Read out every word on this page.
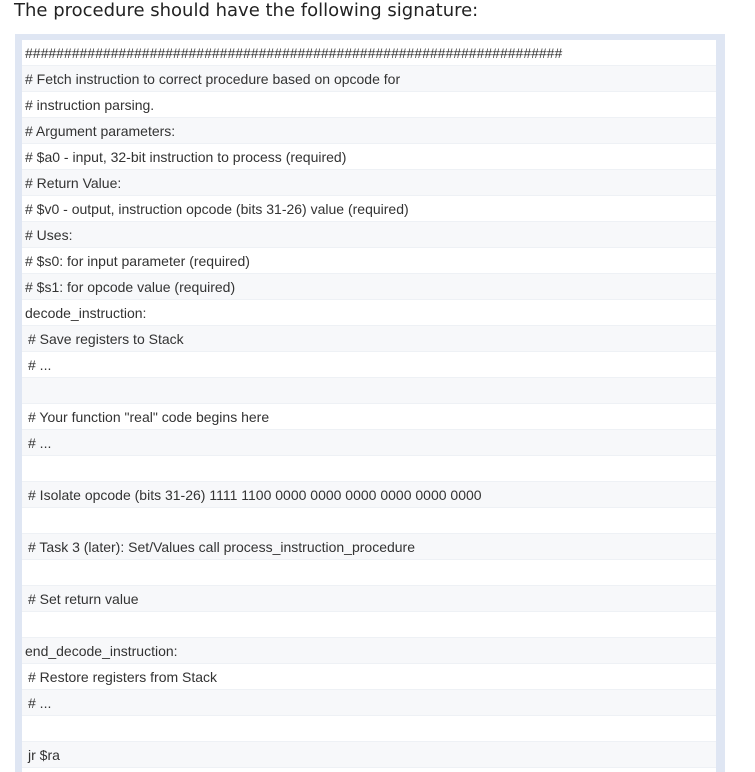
The procedure should have the following signature:
#####################################################################
# Fetch instruction to correct procedure based on opcode for
# instruction parsing.
# Argument parameters:
# $a0 - input, 32-bit instruction to process (required)
# Return Value:
# $v0 - output, instruction opcode (bits 31-26) value (required)
# Uses:
# $s0: for input parameter (required)
# $s1: for opcode value (required)
decode_instruction:
# Save registers to Stack
# ...
# Your function "real" code begins here
# ...
# Isolate opcode (bits 31-26) 1111 1100 0000 0000 0000 0000 0000 0000
# Task 3 (later): Set/Values call process_instruction_procedure
# Set return value
end_decode_instruction:
# Restore registers from Stack
# ...
jr $ra
